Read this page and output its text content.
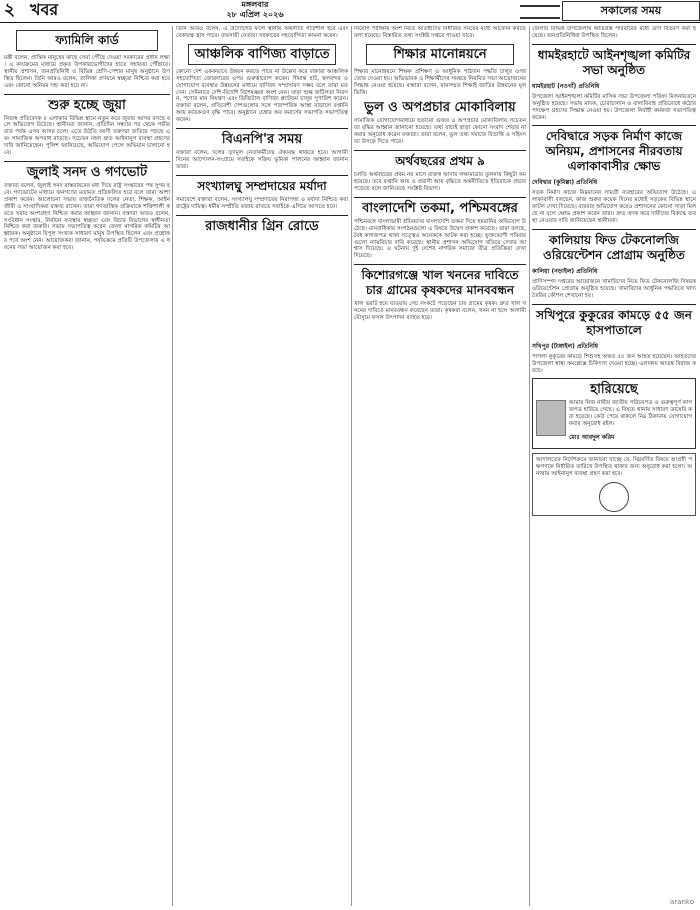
২ খবর	মঙ্গলবার
২৮ এপ্রিল ২০২৬	সকালের সময়
ফ্যামিলি কার্ড

মন্ত্রী বলেন, প্রান্তিক মানুষের কাছে সেবা পৌঁছে দেওয়া সরকারের প্রধান লক্ষ্য। এ কার্যক্রমের মাধ্যমে প্রকৃত উপকারভোগীদের হাতে সহায়তা পৌঁছাবে। স্থানীয় প্রশাসন, জনপ্রতিনিধি ও বিভিন্ন শ্রেণি-পেশার মানুষ অনুষ্ঠানে উপস্থিত ছিলেন। তিনি আরও বলেন, তালিকা প্রণয়নে স্বচ্ছতা নিশ্চিত করা হবে এবং কোনো অনিয়ম সহ্য করা হবে না।

শুরু হচ্ছে জুয়া

নিজস্ব প্রতিবেদক ॥ এলাকার বিভিন্ন স্থানে নতুন করে জুয়ার আসর বসছে বলে অভিযোগ উঠেছে। স্থানীয়রা জানান, প্রতিদিন সন্ধ্যার পর থেকে গভীর রাত পর্যন্ত এসব আসর চলে। এতে উঠতি বয়সী তরুণরা জড়িয়ে পড়ছে এবং সামাজিক অপরাধ বাড়ছে। সচেতন মহল দ্রুত আইনানুগ ব্যবস্থা গ্রহণের দাবি জানিয়েছেন। পুলিশ জানিয়েছে, অভিযোগ পেলে অভিযান চালানো হবে।

জুলাই সনদ ও গণভোট

বক্তারা বলেন, জুলাই সনদ বাস্তবায়নের মধ্য দিয়ে রাষ্ট্র সংস্কারের পথ সুগম হবে। গণভোটের মাধ্যমে জনগণের মতামত প্রতিফলিত হবে বলে তারা আশা প্রকাশ করেন। আলোচনা সভায় রাজনৈতিক দলের নেতা, শিক্ষক, আইনজীবী ও সাংবাদিকরা বক্তব্য রাখেন। তারা গণতান্ত্রিক প্রক্রিয়াকে শক্তিশালী করতে সবার অংশগ্রহণ নিশ্চিত করার আহ্বান জানান। বক্তারা আরও বলেন, সংবিধান সংস্কার, নির্বাচন ব্যবস্থার স্বচ্ছতা এবং বিচার বিভাগের স্বাধীনতা নিশ্চিত করা জরুরি। সভায় সভাপতিত্ব করেন জেলা নাগরিক কমিটির আহ্বায়ক। অনুষ্ঠানে বিপুল সংখ্যক সাধারণ মানুষ উপস্থিত ছিলেন এবং প্রশ্নোত্তর পর্বে অংশ নেন। আয়োজকরা জানান, পর্যায়ক্রমে প্রতিটি উপজেলায় এ ধরনের সভা আয়োজন করা হবে।

তিনি আরও বলেন, এ উদ্যোগের ফলে স্থানীয় অর্থনীতি গতিশীল হবে এবং বেকারত্ব হ্রাস পাবে। ব্যবসায়ী নেতারা সরকারের সহযোগিতা কামনা করেন।

আঞ্চলিক বাণিজ্য বাড়াতে

কোনো দেশ এককভাবে উন্নয়ন করতে পারে না উল্লেখ করে বক্তারা আঞ্চলিক সহযোগিতা জোরদারের ওপর গুরুত্বারোপ করেন। সীমান্ত হাট, স্থলবন্দর ও যোগাযোগ ব্যবস্থার উন্নয়নের মাধ্যমে বাণিজ্য সম্প্রসারণ সম্ভব বলে তারা মত দেন। সেমিনারে দেশি-বিদেশি বিশেষজ্ঞরা অংশ নেন। তারা শুল্ক জটিলতা নিরসন, পণ্যের মান নিয়ন্ত্রণ এবং ডিজিটাল বাণিজ্য প্ল্যাটফর্ম চালুর সুপারিশ করেন। বক্তারা বলেন, প্রতিবেশী দেশগুলোর সঙ্গে পারস্পরিক আস্থা বাড়ালে রপ্তানি আয় কয়েকগুণ বৃদ্ধি পাবে। অনুষ্ঠানে চেম্বার অব কমার্সের সভাপতি সভাপতিত্ব করেন।

বিএনপি'র সময়

বক্তারা বলেন, দলের তৃণমূল নেতাকর্মীদের ঐক্যবদ্ধ থাকতে হবে। আগামী দিনের আন্দোলন-সংগ্রামে সবাইকে সক্রিয় ভূমিকা পালনের আহ্বান জানান তারা।

সংখ্যালঘু সম্প্রদায়ের মর্যাদা

সমাবেশে বক্তারা বলেন, সংখ্যালঘু সম্প্রদায়ের নিরাপত্তা ও মর্যাদা নিশ্চিত করা রাষ্ট্রের দায়িত্ব। ধর্মীয় সম্প্রীতি বজায় রাখতে সবাইকে এগিয়ে আসতে হবে।

রাজধানীর গ্রিন রোডে

নিয়োগ পরীক্ষায় অংশ নিতে আগ্রহীদের নির্ধারিত সময়ের মধ্যে আবেদন করতে বলা হয়েছে। বিস্তারিত তথ্য সংশ্লিষ্ট দপ্তরে পাওয়া যাবে।

শিক্ষার মানোন্নয়নে

শিক্ষার মানোন্নয়নে শিক্ষক প্রশিক্ষণ ও আধুনিক পাঠদান পদ্ধতি চালুর ওপর জোর দেওয়া হয়। অভিভাবক ও শিক্ষার্থীদের সমন্বয়ে নিয়মিত সভা আয়োজনের সিদ্ধান্ত নেওয়া হয়েছে। বক্তারা বলেন, মানসম্মত শিক্ষাই জাতির উন্নয়নের মূল ভিত্তি।

ভুল ও অপপ্রচার মোকাবিলায়

সামাজিক যোগাযোগমাধ্যমে ছড়ানো গুজব ও অপপ্রচার মোকাবিলায় সচেতনতা বৃদ্ধির আহ্বান জানানো হয়েছে। তথ্য যাচাই ছাড়া কোনো সংবাদ শেয়ার না করার অনুরোধ করেন বক্তারা। তারা বলেন, ভুল তথ্য সমাজে বিভ্রান্তি ও সহিংসতা উসকে দিতে পারে।

অর্থবছরের প্রথম ৯

চলতি অর্থবছরের প্রথম নয় মাসে রাজস্ব আদায় লক্ষ্যমাত্রার তুলনায় কিছুটা কম হয়েছে। তবে রপ্তানি আয় ও প্রবাসী আয় বৃদ্ধিতে অর্থনীতিতে ইতিবাচক প্রভাব পড়েছে বলে জানিয়েছে সংশ্লিষ্ট বিভাগ।

বাংলাদেশি তকমা, পশ্চিমবঙ্গের

পশ্চিমবঙ্গে বাংলাভাষী শ্রমিকদের বাংলাদেশি তকমা দিয়ে হয়রানির অভিযোগ উঠেছে। মানবাধিকার সংগঠনগুলো এ বিষয়ে উদ্বেগ প্রকাশ করেছে। তারা বলছে, বৈধ কাগজপত্র থাকা সত্ত্বেও অনেককে আটক করা হচ্ছে। ভুক্তভোগী পরিবারগুলো ন্যায়বিচার দাবি করেছে। স্থানীয় প্রশাসন অভিযোগ খতিয়ে দেখার আশ্বাস দিয়েছে। এ ঘটনায় দুই দেশের নাগরিক সমাজে তীব্র প্রতিক্রিয়া দেখা দিয়েছে।

কিশোরগঞ্জে খাল খননের দাবিতে চার গ্রামের কৃষকদের মানববন্ধন

খাল ভরাট হয়ে যাওয়ায় সেচ সংকটে পড়েছেন চার গ্রামের কৃষক। দ্রুত খাল খননের দাবিতে মানববন্ধন করেছেন তারা। কৃষকরা বলেন, খনন না হলে আগামী মৌসুমে ফসল উৎপাদন ব্যাহত হবে।

জেলার বিভিন্ন উপজেলায় ক্ষতিগ্রস্ত পরিবারের মধ্যে ত্রাণ বিতরণ করা হয়েছে। জনপ্রতিনিধিরা উপস্থিত ছিলেন।

ধামইরহাটে আইনশৃঙ্খলা কমিটির সভা অনুষ্ঠিত
ধামইরহাট (নওগাঁ) প্রতিনিধি

উপজেলা আইনশৃঙ্খলা কমিটির মাসিক সভা উপজেলা পরিষদ মিলনায়তনে অনুষ্ঠিত হয়েছে। সভায় মাদক, চোরাচালান ও বাল্যবিবাহ প্রতিরোধে কঠোর পদক্ষেপ গ্রহণের সিদ্ধান্ত নেওয়া হয়। উপজেলা নির্বাহী কর্মকর্তা সভাপতিত্ব করেন।

দেবিদ্বারে সড়ক নির্মাণ কাজে অনিয়ম, প্রশাসনের নীরবতায় এলাকাবাসীর ক্ষোভ
দেবিদ্বার (কুমিল্লা) প্রতিনিধি

সড়ক নির্মাণ কাজে নিম্নমানের সামগ্রী ব্যবহারের অভিযোগ উঠেছে। এলাকাবাসী বলছেন, কাজ শুরুর কয়েক দিনের মধ্যেই সড়কের বিভিন্ন স্থানে ফাটল দেখা দিয়েছে। বারবার অভিযোগ করেও প্রশাসনের কোনো সাড়া মিলছে না বলে ক্ষোভ প্রকাশ করেন তারা। দ্রুত তদন্ত করে দায়ীদের বিরুদ্ধে ব্যবস্থা নেওয়ার দাবি জানিয়েছেন স্থানীয়রা।

কালিয়ায় ফিড টেকনোলজি ওরিয়েন্টেশন প্রোগ্রাম অনুষ্ঠিত
কালিয়া (নড়াইল) প্রতিনিধি

প্রাণিসম্পদ দপ্তরের আয়োজনে খামারিদের নিয়ে ফিড টেকনোলজি বিষয়ক ওরিয়েন্টেশন প্রোগ্রাম অনুষ্ঠিত হয়েছে। খামারিদের আধুনিক পদ্ধতিতে খাদ্য তৈরির কৌশল শেখানো হয়।

সখিপুরে কুকুরের কামড়ে ৫৫ জন হাসপাতালে
সখিপুর (টাঙ্গাইল) প্রতিনিধি

পাগলা কুকুরের কামড়ে শিশুসহ অন্তত ৫৫ জন আহত হয়েছেন। আহতদের উপজেলা স্বাস্থ্য কমপ্লেক্সে চিকিৎসা দেওয়া হচ্ছে। এলাকায় আতঙ্ক বিরাজ করছে।

হারিয়েছে

আমার নিজ নামীয় জাতীয় পরিচয়পত্র ও গুরুত্বপূর্ণ কাগজপত্র হারিয়ে গেছে। এ বিষয়ে থানায় সাধারণ ডায়েরি করা হয়েছে। কেউ পেয়ে থাকলে নিম্ন ঠিকানায় যোগাযোগ করার অনুরোধ রইল।

মোঃ আবদুল করিম

আদালতের নির্দেশক্রমে জানানো যাচ্ছে যে, নিম্নবর্ণিত বিষয়ে আগ্রহী পক্ষগণকে নির্ধারিত তারিখে উপস্থিত থাকার জন্য অনুরোধ করা হলো। অন্যথায় আইনানুগ ব্যবস্থা গ্রহণ করা হবে।

aranko
